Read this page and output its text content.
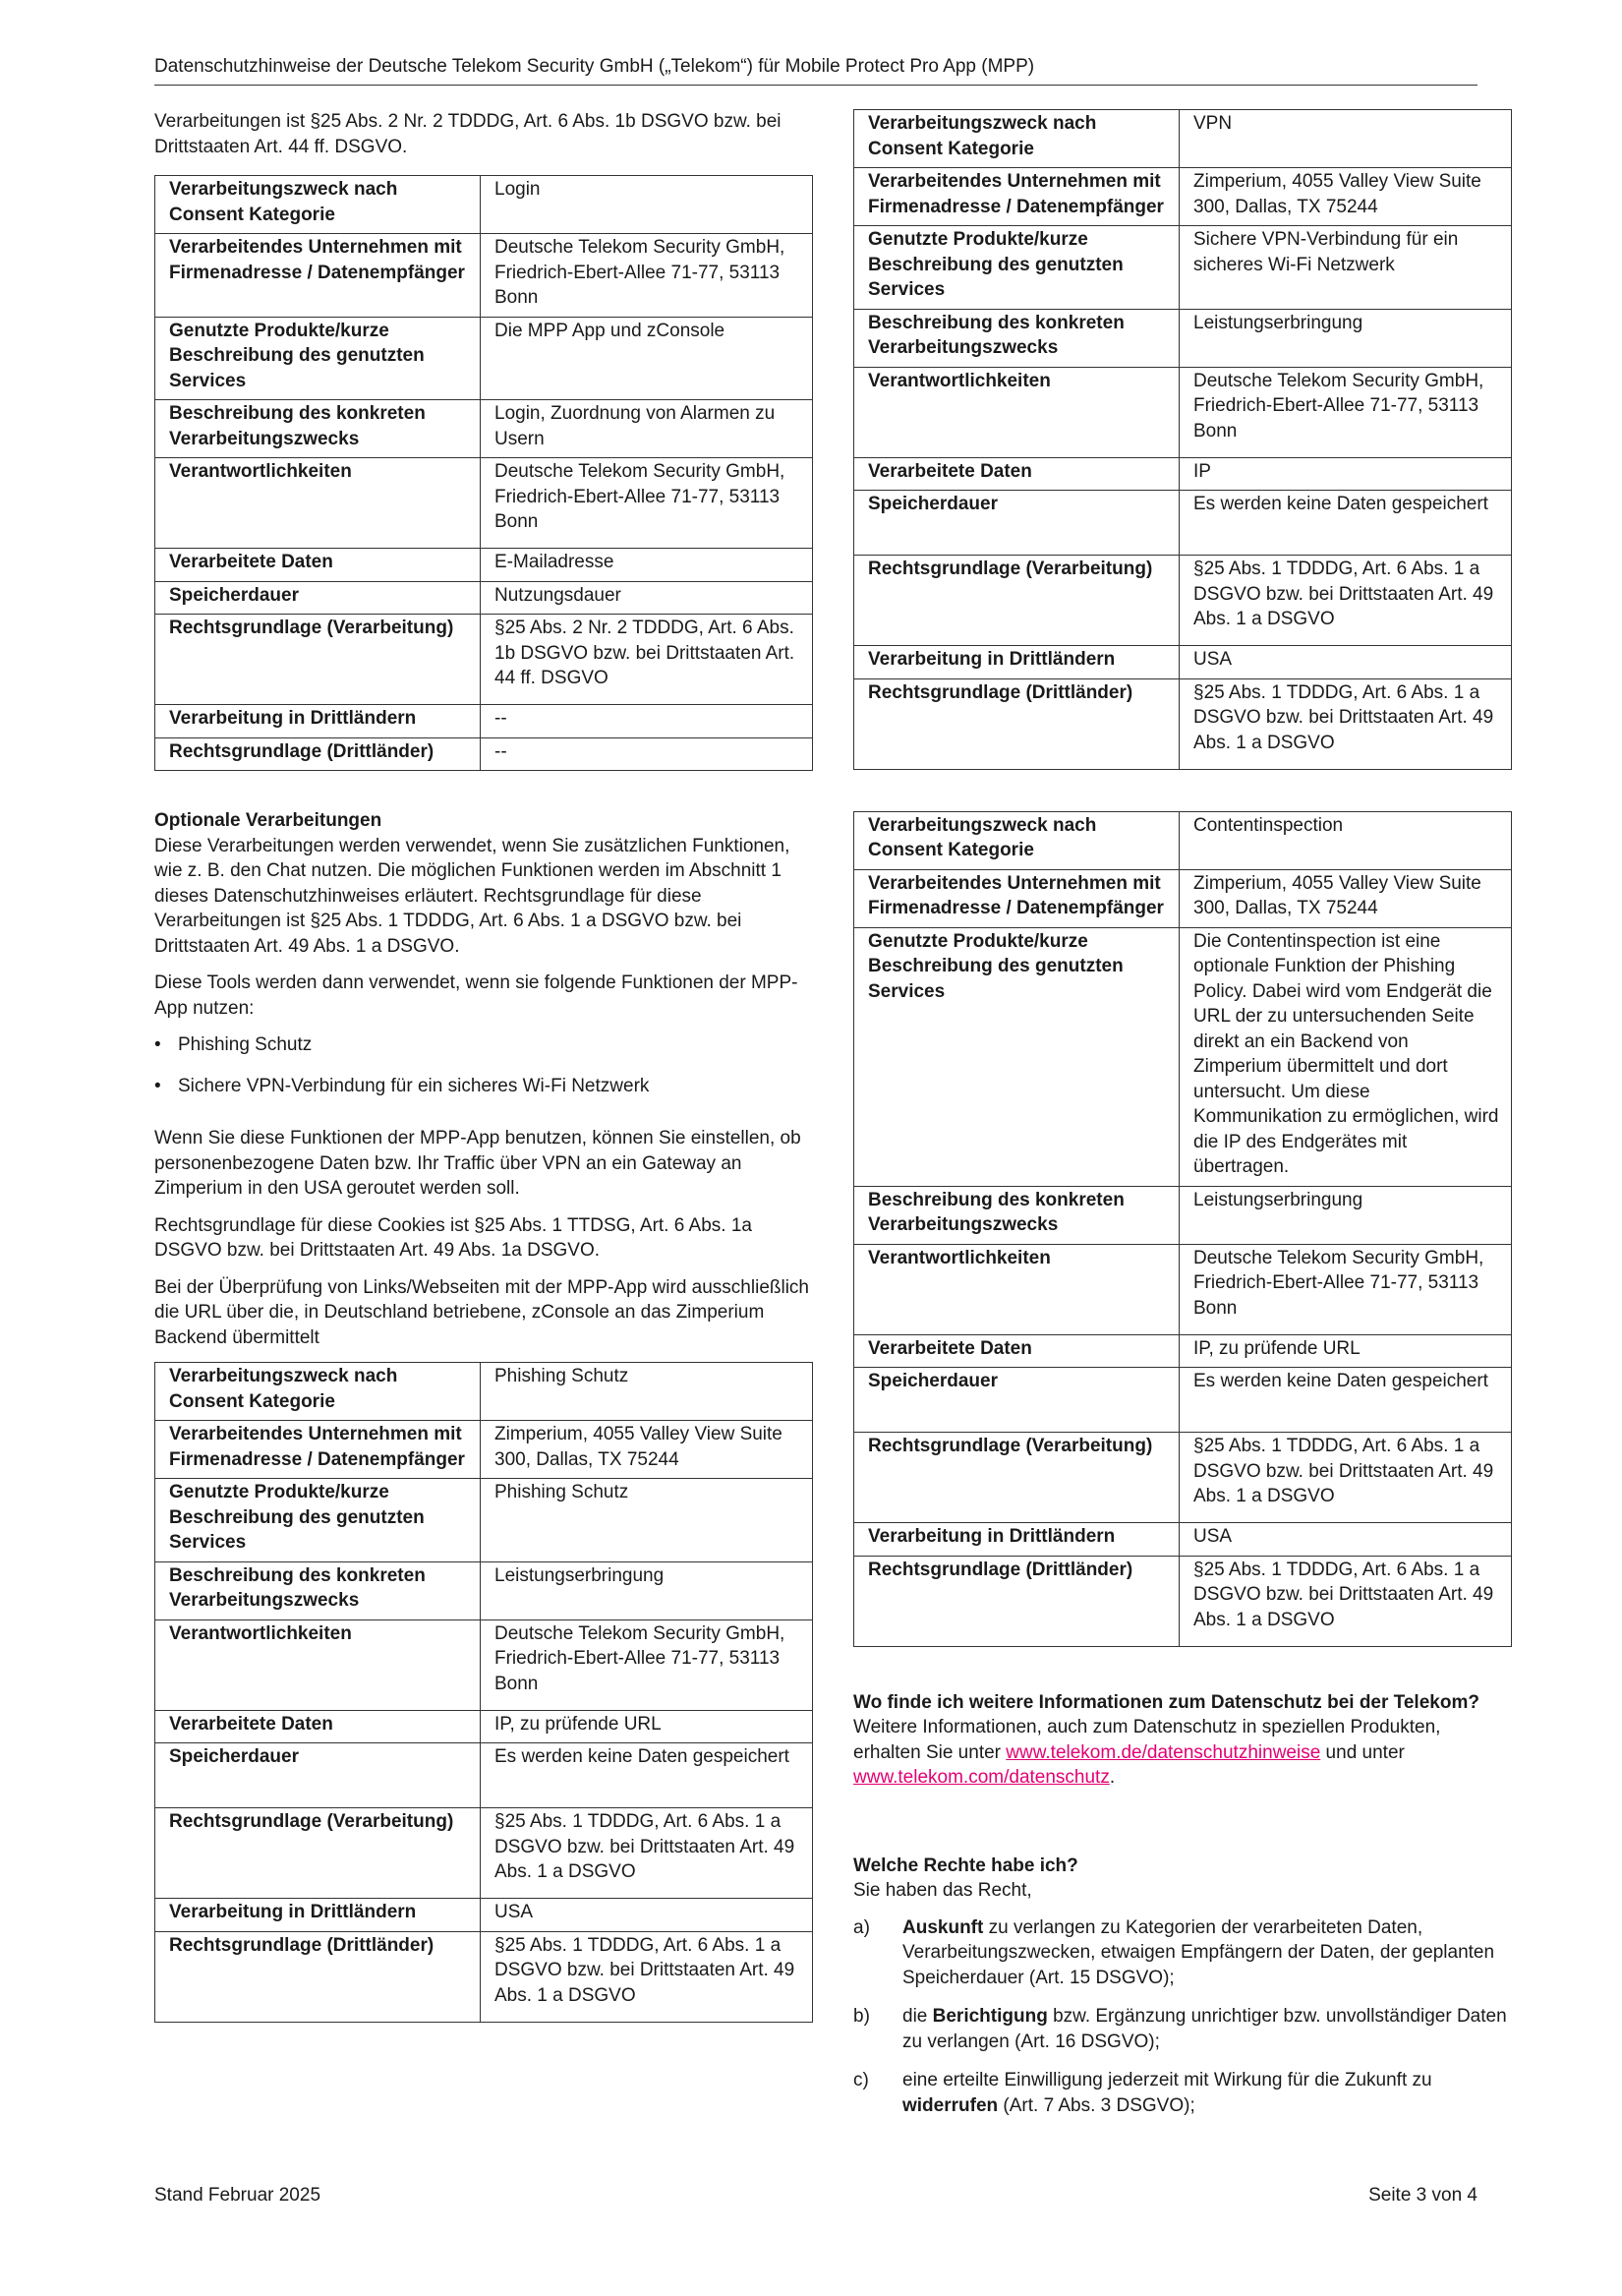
Datenschutzhinweise der Deutsche Telekom Security GmbH („Telekom“) für Mobile Protect Pro App (MPP)

Verarbeitungen ist §25 Abs. 2 Nr. 2 TDDDG, Art. 6 Abs. 1b DSGVO bzw. bei Drittstaaten Art. 44 ff. DSGVO.

Verarbeitungszweck nach Consent Kategorie	Login
Verarbeitendes Unternehmen mit Firmenadresse / Datenempfänger	Deutsche Telekom Security GmbH, Friedrich-Ebert-Allee 71-77, 53113 Bonn
Genutzte Produkte/kurze Beschreibung des genutzten Services	Die MPP App und zConsole
Beschreibung des konkreten Verarbeitungszwecks	Login, Zuordnung von Alarmen zu Usern
Verantwortlichkeiten	Deutsche Telekom Security GmbH, Friedrich-Ebert-Allee 71-77, 53113 Bonn
Verarbeitete Daten	E-Mailadresse
Speicherdauer	Nutzungsdauer
Rechtsgrundlage (Verarbeitung)	§25 Abs. 2 Nr. 2 TDDDG, Art. 6 Abs. 1b DSGVO bzw. bei Drittstaaten Art. 44 ff. DSGVO
Verarbeitung in Drittländern	--
Rechtsgrundlage (Drittländer)	--
Optionale Verarbeitungen

Diese Verarbeitungen werden verwendet, wenn Sie zusätzlichen Funktionen, wie z. B. den Chat nutzen. Die möglichen Funktionen werden im Abschnitt 1 dieses Datenschutzhinweises erläutert. Rechtsgrundlage für diese Verarbeitungen ist §25 Abs. 1 TDDDG, Art. 6 Abs. 1 a DSGVO bzw. bei Drittstaaten Art. 49 Abs. 1 a DSGVO.

Diese Tools werden dann verwendet, wenn sie folgende Funktionen der MPP-App nutzen:

• Phishing Schutz
• Sichere VPN-Verbindung für ein sicheres Wi-Fi Netzwerk

Wenn Sie diese Funktionen der MPP-App benutzen, können Sie einstellen, ob personenbezogene Daten bzw. Ihr Traffic über VPN an ein Gateway an Zimperium in den USA geroutet werden soll.

Rechtsgrundlage für diese Cookies ist §25 Abs. 1 TTDSG, Art. 6 Abs. 1a DSGVO bzw. bei Drittstaaten Art. 49 Abs. 1a DSGVO.

Bei der Überprüfung von Links/Webseiten mit der MPP-App wird ausschließlich die URL über die, in Deutschland betriebene, zConsole an das Zimperium Backend übermittelt

Verarbeitungszweck nach Consent Kategorie	Phishing Schutz
Verarbeitendes Unternehmen mit Firmenadresse / Datenempfänger	Zimperium, 4055 Valley View Suite 300, Dallas, TX 75244
Genutzte Produkte/kurze Beschreibung des genutzten Services	Phishing Schutz
Beschreibung des konkreten Verarbeitungszwecks	Leistungserbringung
Verantwortlichkeiten	Deutsche Telekom Security GmbH, Friedrich-Ebert-Allee 71-77, 53113 Bonn
Verarbeitete Daten	IP, zu prüfende URL
Speicherdauer	Es werden keine Daten gespeichert
Rechtsgrundlage (Verarbeitung)	§25 Abs. 1 TDDDG, Art. 6 Abs. 1 a DSGVO bzw. bei Drittstaaten Art. 49 Abs. 1 a DSGVO
Verarbeitung in Drittländern	USA
Rechtsgrundlage (Drittländer)	§25 Abs. 1 TDDDG, Art. 6 Abs. 1 a DSGVO bzw. bei Drittstaaten Art. 49 Abs. 1 a DSGVO
Verarbeitungszweck nach Consent Kategorie	VPN
Verarbeitendes Unternehmen mit Firmenadresse / Datenempfänger	Zimperium, 4055 Valley View Suite 300, Dallas, TX 75244
Genutzte Produkte/kurze Beschreibung des genutzten Services	Sichere VPN-Verbindung für ein sicheres Wi-Fi Netzwerk
Beschreibung des konkreten Verarbeitungszwecks	Leistungserbringung
Verantwortlichkeiten	Deutsche Telekom Security GmbH, Friedrich-Ebert-Allee 71-77, 53113 Bonn
Verarbeitete Daten	IP
Speicherdauer	Es werden keine Daten gespeichert
Rechtsgrundlage (Verarbeitung)	§25 Abs. 1 TDDDG, Art. 6 Abs. 1 a DSGVO bzw. bei Drittstaaten Art. 49 Abs. 1 a DSGVO
Verarbeitung in Drittländern	USA
Rechtsgrundlage (Drittländer)	§25 Abs. 1 TDDDG, Art. 6 Abs. 1 a DSGVO bzw. bei Drittstaaten Art. 49 Abs. 1 a DSGVO
Verarbeitungszweck nach Consent Kategorie	Contentinspection
Verarbeitendes Unternehmen mit Firmenadresse / Datenempfänger	Zimperium, 4055 Valley View Suite 300, Dallas, TX 75244
Genutzte Produkte/kurze Beschreibung des genutzten Services	Die Contentinspection ist eine optionale Funktion der Phishing Policy. Dabei wird vom Endgerät die URL der zu untersuchenden Seite direkt an ein Backend von Zimperium übermittelt und dort untersucht. Um diese Kommunikation zu ermöglichen, wird die IP des Endgerätes mit übertragen.
Beschreibung des konkreten Verarbeitungszwecks	Leistungserbringung
Verantwortlichkeiten	Deutsche Telekom Security GmbH, Friedrich-Ebert-Allee 71-77, 53113 Bonn
Verarbeitete Daten	IP, zu prüfende URL
Speicherdauer	Es werden keine Daten gespeichert
Rechtsgrundlage (Verarbeitung)	§25 Abs. 1 TDDDG, Art. 6 Abs. 1 a DSGVO bzw. bei Drittstaaten Art. 49 Abs. 1 a DSGVO
Verarbeitung in Drittländern	USA
Rechtsgrundlage (Drittländer)	§25 Abs. 1 TDDDG, Art. 6 Abs. 1 a DSGVO bzw. bei Drittstaaten Art. 49 Abs. 1 a DSGVO
Wo finde ich weitere Informationen zum Datenschutz bei der Telekom?

Weitere Informationen, auch zum Datenschutz in speziellen Produkten, erhalten Sie unter www.telekom.de/datenschutzhinweise und unter www.telekom.com/datenschutz.

Welche Rechte habe ich?

Sie haben das Recht,

a)	Auskunft zu verlangen zu Kategorien der verarbeiteten Daten, Verarbeitungszwecken, etwaigen Empfängern der Daten, der geplanten Speicherdauer (Art. 15 DSGVO);
b)	die Berichtigung bzw. Ergänzung unrichtiger bzw. unvollständiger Daten zu verlangen (Art. 16 DSGVO);
c)	eine erteilte Einwilligung jederzeit mit Wirkung für die Zukunft zu widerrufen (Art. 7 Abs. 3 DSGVO);
Stand Februar 2025	Seite 3 von 4
